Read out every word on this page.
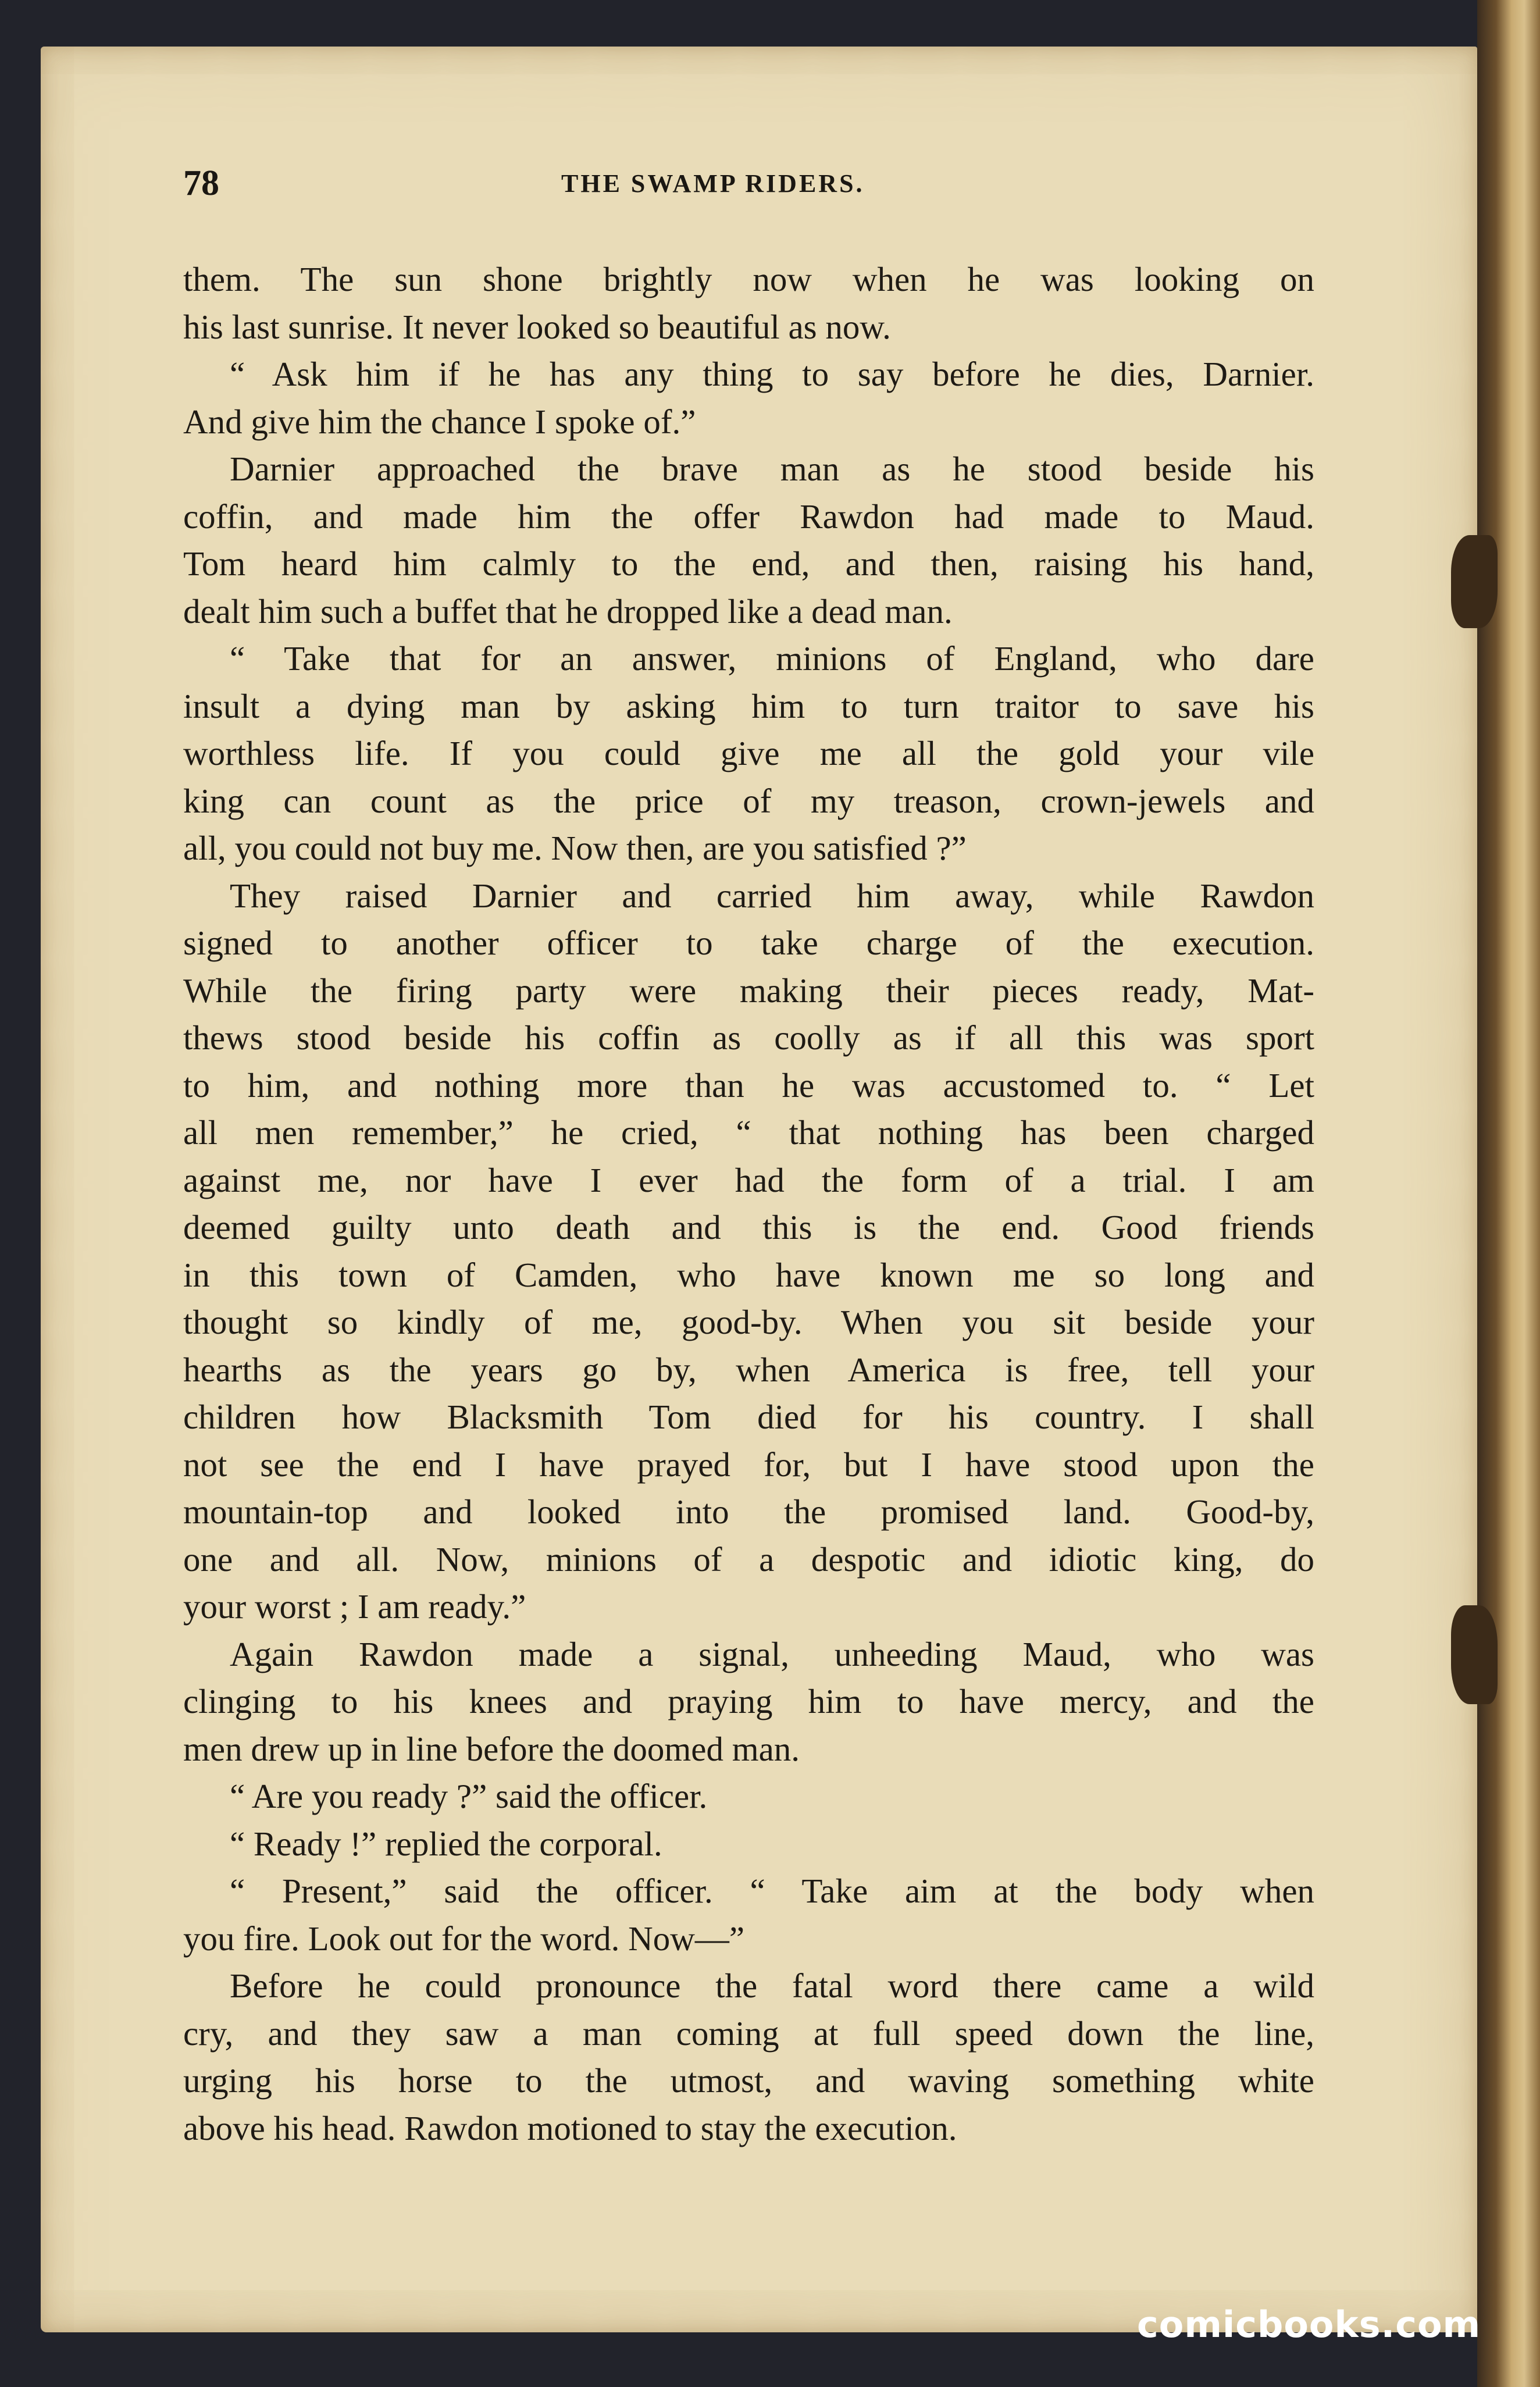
78	THE SWAMP RIDERS.
them. The sun shone brightly now when he was looking on
his last sunrise. It never looked so beautiful as now.
“ Ask him if he has any thing to say before he dies, Darnier.
And give him the chance I spoke of.”
Darnier approached the brave man as he stood beside his
coffin, and made him the offer Rawdon had made to Maud.
Tom heard him calmly to the end, and then, raising his hand,
dealt him such a buffet that he dropped like a dead man.
“ Take that for an answer, minions of England, who dare
insult a dying man by asking him to turn traitor to save his
worthless life. If you could give me all the gold your vile
king can count as the price of my treason, crown-jewels and
all, you could not buy me. Now then, are you satisfied ?”
They raised Darnier and carried him away, while Rawdon
signed to another officer to take charge of the execution.
While the firing party were making their pieces ready, Mat-
thews stood beside his coffin as coolly as if all this was sport
to him, and nothing more than he was accustomed to. “ Let
all men remember,” he cried, “ that nothing has been charged
against me, nor have I ever had the form of a trial. I am
deemed guilty unto death and this is the end. Good friends
in this town of Camden, who have known me so long and
thought so kindly of me, good-by. When you sit beside your
hearths as the years go by, when America is free, tell your
children how Blacksmith Tom died for his country. I shall
not see the end I have prayed for, but I have stood upon the
mountain-top and looked into the promised land. Good-by,
one and all. Now, minions of a despotic and idiotic king, do
your worst ; I am ready.”
Again Rawdon made a signal, unheeding Maud, who was
clinging to his knees and praying him to have mercy, and the
men drew up in line before the doomed man.
“ Are you ready ?” said the officer.
“ Ready !” replied the corporal.
“ Present,” said the officer. “ Take aim at the body when
you fire. Look out for the word. Now—”
Before he could pronounce the fatal word there came a wild
cry, and they saw a man coming at full speed down the line,
urging his horse to the utmost, and waving something white
above his head. Rawdon motioned to stay the execution.
comicbooks.com
